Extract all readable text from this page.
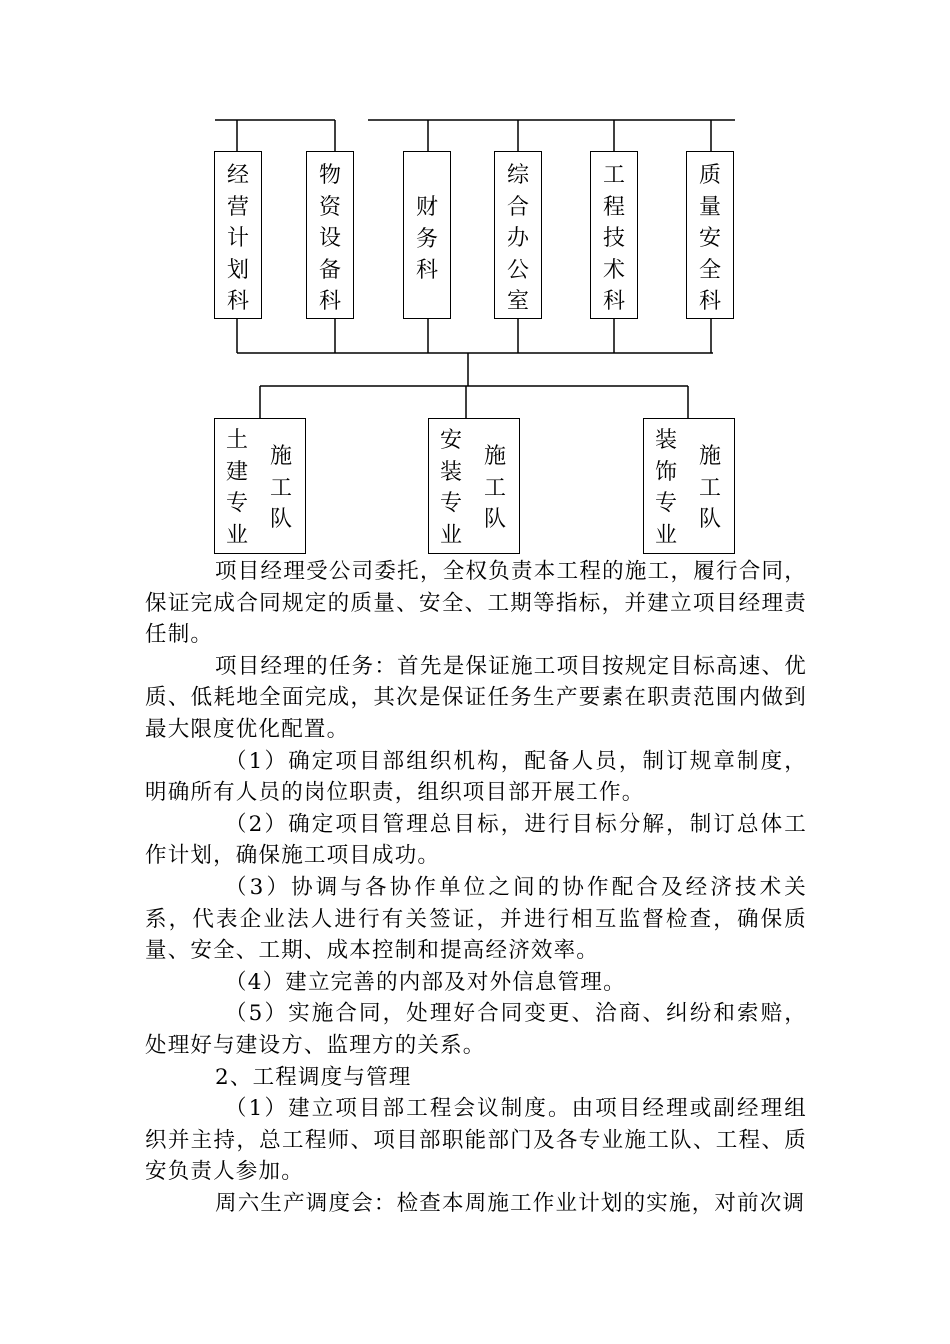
经
营
计
划
科
物
资
设
备
科
财
务
科
综
合
办
公
室
工
程
技
术
科
质
量
安
全
科
土
建
专
业
施
工
队
安
装
专
业
施
工
队
装
饰
专
业
施
工
队

项目经理受公司委托，全权负责本工程的施工，履行合同，保证完成合同规定的质量、安全、工期等指标，并建立项目经理责任制。

项目经理的任务：首先是保证施工项目按规定目标高速、优质、低耗地全面完成，其次是保证任务生产要素在职责范围内做到最大限度优化配置。

（1）确定项目部组织机构，配备人员，制订规章制度，明确所有人员的岗位职责，组织项目部开展工作。

（2）确定项目管理总目标，进行目标分解，制订总体工作计划，确保施工项目成功。

（3）协调与各协作单位之间的协作配合及经济技术关系，代表企业法人进行有关签证，并进行相互监督检查，确保质量、安全、工期、成本控制和提高经济效率。

（4）建立完善的内部及对外信息管理。

（5）实施合同，处理好合同变更、洽商、纠纷和索赔，处理好与建设方、监理方的关系。

2、工程调度与管理

（1）建立项目部工程会议制度。由项目经理或副经理组织并主持，总工程师、项目部职能部门及各专业施工队、工程、质安负责人参加。

周六生产调度会：检查本周施工作业计划的实施，对前次调
